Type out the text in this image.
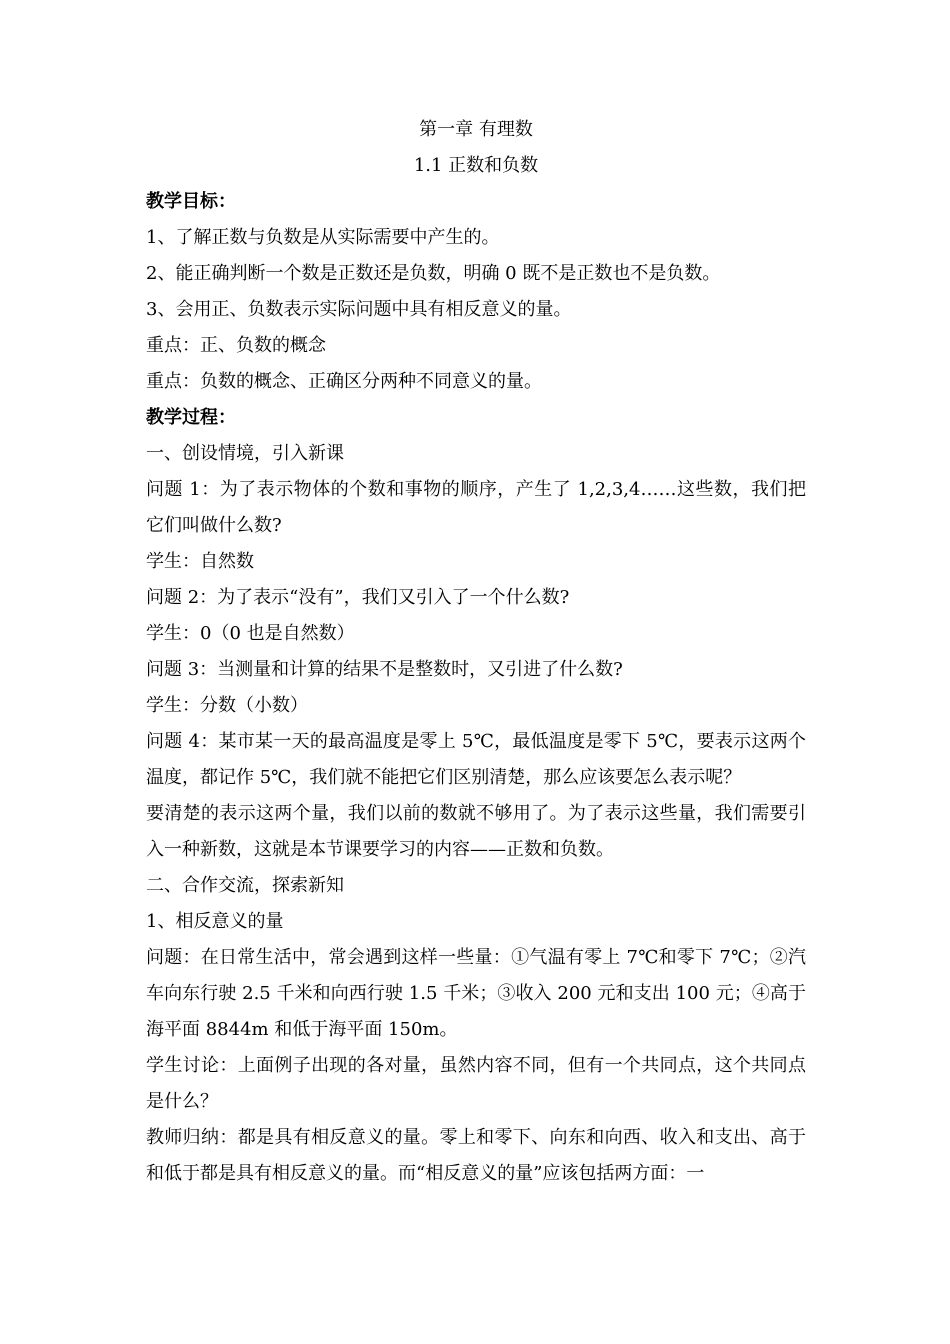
第一章 有理数

1.1 正数和负数

教学目标：

1、了解正数与负数是从实际需要中产生的。

2、能正确判断一个数是正数还是负数，明确 0 既不是正数也不是负数。

3、会用正、负数表示实际问题中具有相反意义的量。

重点：正、负数的概念

重点：负数的概念、正确区分两种不同意义的量。

教学过程：

一、创设情境，引入新课

问题 1：为了表示物体的个数和事物的顺序，产生了 1,2,3,4……这些数，我们把它们叫做什么数?

学生：自然数

问题 2：为了表示“没有”，我们又引入了一个什么数?

学生：0（0 也是自然数）

问题 3：当测量和计算的结果不是整数时，又引进了什么数?

学生：分数（小数）

问题 4：某市某一天的最高温度是零上 5℃，最低温度是零下 5℃，要表示这两个温度，都记作 5℃，我们就不能把它们区别清楚，那么应该要怎么表示呢？

要清楚的表示这两个量，我们以前的数就不够用了。为了表示这些量，我们需要引入一种新数，这就是本节课要学习的内容——正数和负数。

二、合作交流，探索新知

1、相反意义的量

问题：在日常生活中，常会遇到这样一些量：①气温有零上 7℃和零下 7℃；②汽车向东行驶 2.5 千米和向西行驶 1.5 千米；③收入 200 元和支出 100 元；④高于海平面 8844m 和低于海平面 150m。

学生讨论：上面例子出现的各对量，虽然内容不同，但有一个共同点，这个共同点是什么？

教师归纳：都是具有相反意义的量。零上和零下、向东和向西、收入和支出、高于和低于都是具有相反意义的量。而“相反意义的量”应该包括两方面：一
